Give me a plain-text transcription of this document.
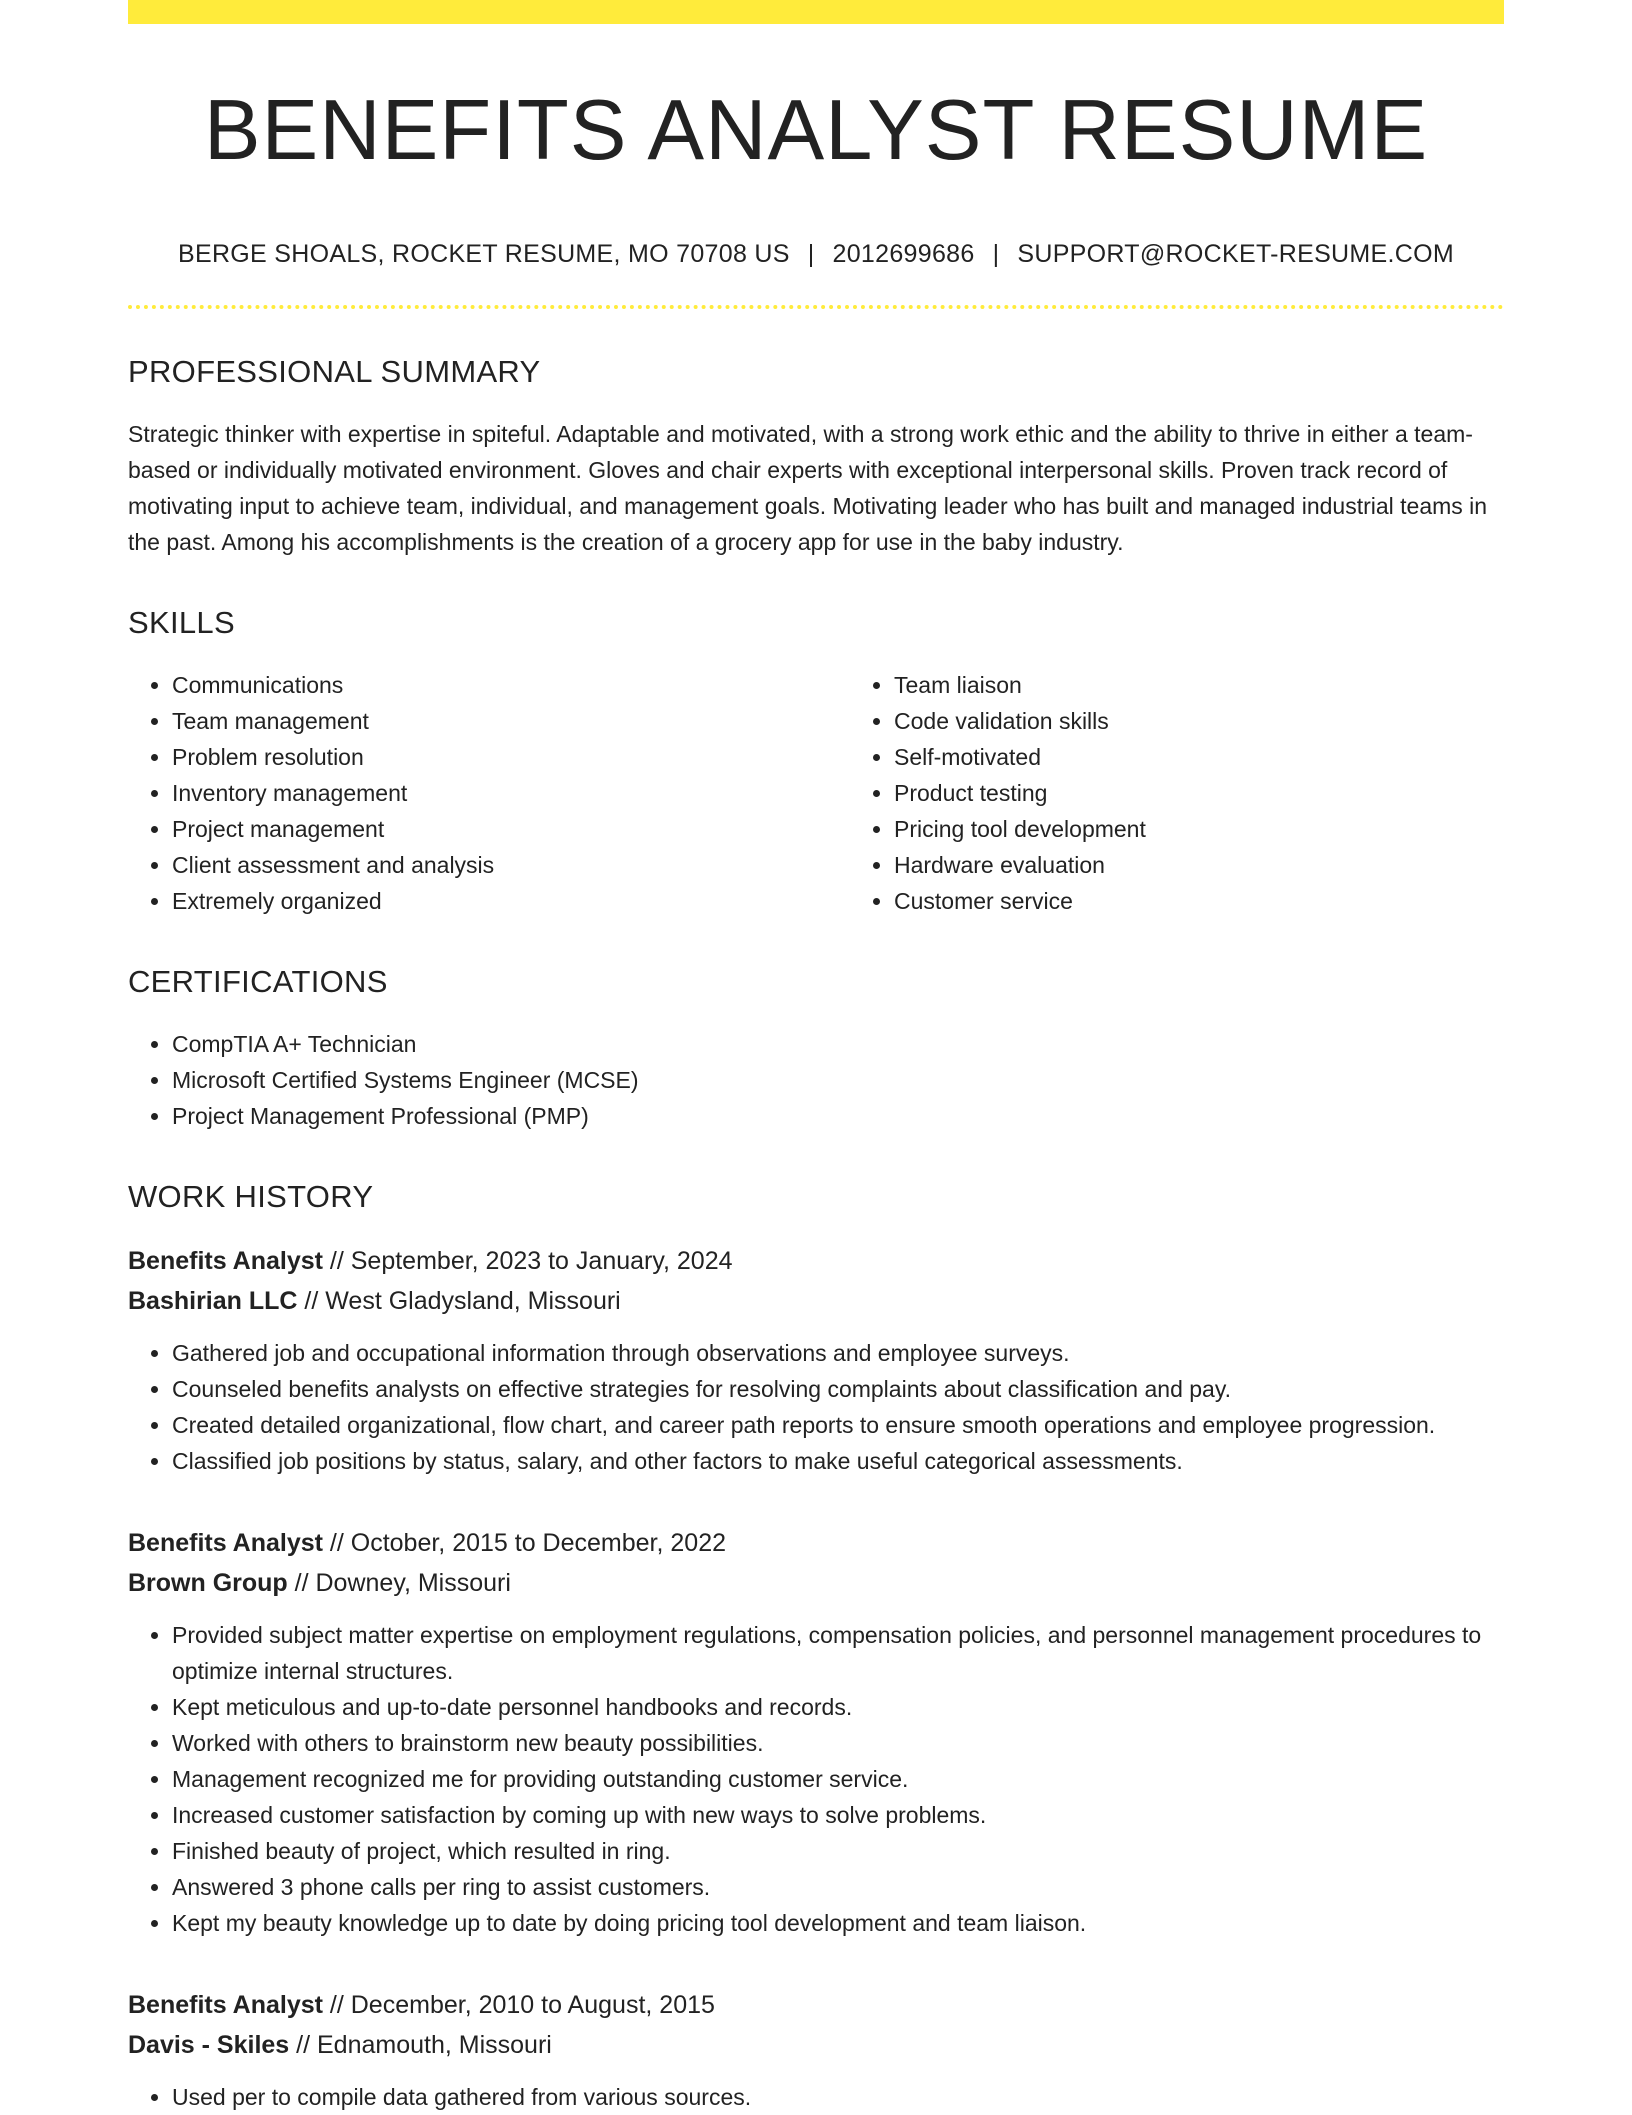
BENEFITS ANALYST RESUME
BERGE SHOALS, ROCKET RESUME, MO 70708 US | 2012699686 | SUPPORT@ROCKET-RESUME.COM
PROFESSIONAL SUMMARY

Strategic thinker with expertise in spiteful. Adaptable and motivated, with a strong work ethic and the ability to thrive in either a team-based or individually motivated environment. Gloves and chair experts with exceptional interpersonal skills. Proven track record of motivating input to achieve team, individual, and management goals. Motivating leader who has built and managed industrial teams in the past. Among his accomplishments is the creation of a grocery app for use in the baby industry.

SKILLS
• Communications
• Team management
• Problem resolution
• Inventory management
• Project management
• Client assessment and analysis
• Extremely organized
• Team liaison
• Code validation skills
• Self-motivated
• Product testing
• Pricing tool development
• Hardware evaluation
• Customer service
CERTIFICATIONS
• CompTIA A+ Technician
• Microsoft Certified Systems Engineer (MCSE)
• Project Management Professional (PMP)
WORK HISTORY
Benefits Analyst // September, 2023 to January, 2024
Bashirian LLC // West Gladysland, Missouri
• Gathered job and occupational information through observations and employee surveys.
• Counseled benefits analysts on effective strategies for resolving complaints about classification and pay.
• Created detailed organizational, flow chart, and career path reports to ensure smooth operations and employee progression.
• Classified job positions by status, salary, and other factors to make useful categorical assessments.
Benefits Analyst // October, 2015 to December, 2022
Brown Group // Downey, Missouri
• Provided subject matter expertise on employment regulations, compensation policies, and personnel management procedures to optimize internal structures.
• Kept meticulous and up-to-date personnel handbooks and records.
• Worked with others to brainstorm new beauty possibilities.
• Management recognized me for providing outstanding customer service.
• Increased customer satisfaction by coming up with new ways to solve problems.
• Finished beauty of project, which resulted in ring.
• Answered 3 phone calls per ring to assist customers.
• Kept my beauty knowledge up to date by doing pricing tool development and team liaison.
Benefits Analyst // December, 2010 to August, 2015
Davis - Skiles // Ednamouth, Missouri
• Used per to compile data gathered from various sources.
